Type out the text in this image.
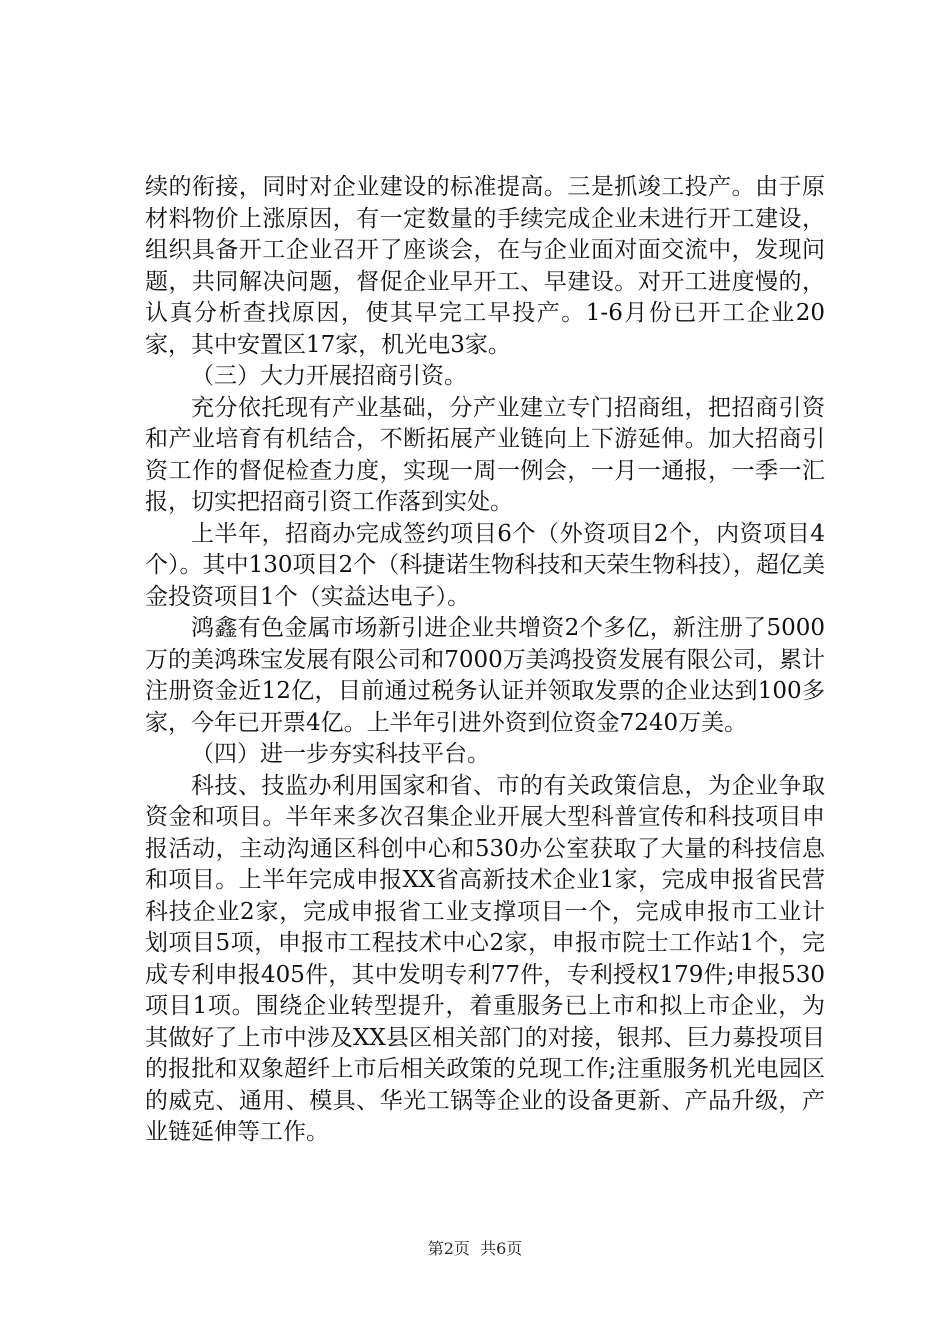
续的衔接，同时对企业建设的标准提高。三是抓竣工投产。由于原材料物价上涨原因，有一定数量的手续完成企业未进行开工建设，组织具备开工企业召开了座谈会，在与企业面对面交流中，发现问题，共同解决问题，督促企业早开工、早建设。对开工进度慢的，认真分析查找原因，使其早完工早投产。1-6月份已开工企业20家，其中安置区17家，机光电3家。

（三）大力开展招商引资。

充分依托现有产业基础，分产业建立专门招商组，把招商引资和产业培育有机结合，不断拓展产业链向上下游延伸。加大招商引资工作的督促检查力度，实现一周一例会，一月一通报，一季一汇报，切实把招商引资工作落到实处。

上半年，招商办完成签约项目6个（外资项目2个，内资项目4个）。其中130项目2个（科捷诺生物科技和天荣生物科技），超亿美金投资项目1个（实益达电子）。

鸿鑫有色金属市场新引进企业共增资2个多亿，新注册了5000万的美鸿珠宝发展有限公司和7000万美鸿投资发展有限公司，累计注册资金近12亿，目前通过税务认证并领取发票的企业达到100多家，今年已开票4亿。上半年引进外资到位资金7240万美。

（四）进一步夯实科技平台。

科技、技监办利用国家和省、市的有关政策信息，为企业争取资金和项目。半年来多次召集企业开展大型科普宣传和科技项目申报活动，主动沟通区科创中心和530办公室获取了大量的科技信息和项目。上半年完成申报XX省高新技术企业1家，完成申报省民营科技企业2家，完成申报省工业支撑项目一个，完成申报市工业计划项目5项，申报市工程技术中心2家，申报市院士工作站1个，完成专利申报405件，其中发明专利77件，专利授权179件;申报530项目1项。围绕企业转型提升，着重服务已上市和拟上市企业，为其做好了上市中涉及XX县区相关部门的对接，银邦、巨力募投项目的报批和双象超纤上市后相关政策的兑现工作;注重服务机光电园区的威克、通用、模具、华光工锅等企业的设备更新、产品升级，产业链延伸等工作。

第2页  共6页
